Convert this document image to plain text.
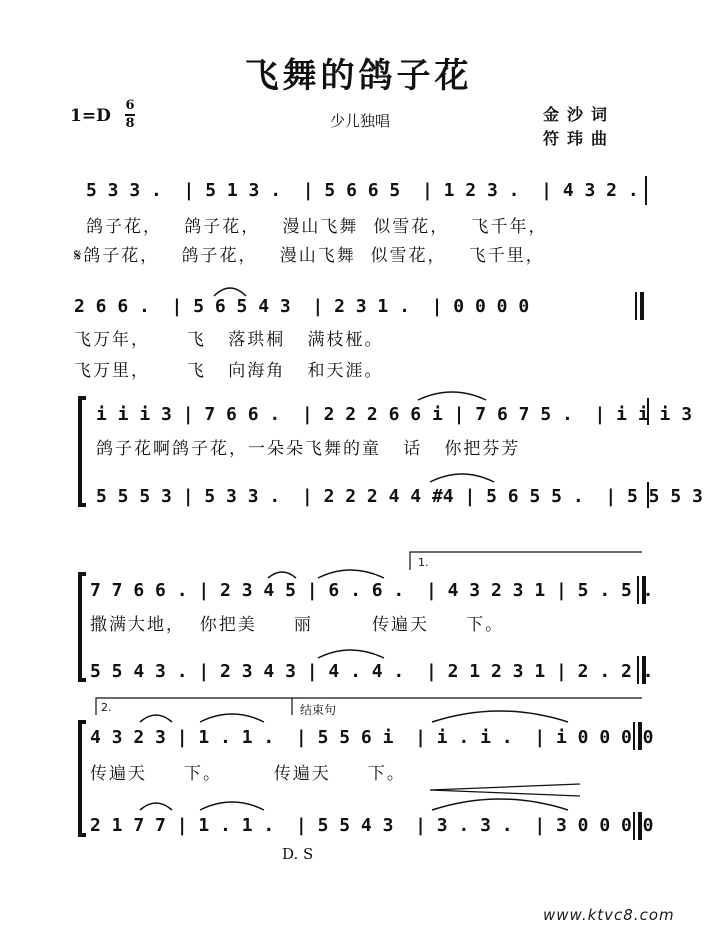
飞舞的鸽子花
1=D
6
8	少儿独唱	金沙词
符玮曲
5 3 3 .  | 5 1 3 .  | 5 6 6 5  | 1 2 3 .  | 4 3 2 .
鸽子花，   鸽子花，   漫山飞舞  似雪花，   飞千年，
𝄋鸽子花，   鸽子花，   漫山飞舞  似雪花，   飞千里，
2 6 6 .  | 5 6 5 4 3  | 2 3 1 .  | 0 0 0 0
飞万年，     飞   落珙桐   满枝桠。
飞万里，     飞   向海角   和天涯。
i i i 3 | 7 6 6 .  | 2 2 2 6 6 i | 7 6 7 5 .  | i i i 3
鸽子花啊鸽子花，一朵朵飞舞的童   话   你把芬芳
5 5 5 3 | 5 3 3 .  | 2 2 2 4 4 #4 | 5 6 5 5 .  | 5 5 5 3
7 7 6 6 . | 2 3 4 5 | 6 . 6 .  | 4 3 2 3 1 | 5 . 5 .
撒满大地，  你把美     丽        传遍天     下。
5 5 4 3 . | 2 3 4 3 | 4 . 4 .  | 2 1 2 3 1 | 2 . 2 .
4 3 2 3 | 1 . 1 .  | 5 5 6 i  | i . i .  | i 0 0 0 0
传遍天     下。       传遍天     下。
2 1 7 7 | 1 . 1 .  | 5 5 4 3  | 3 . 3 .  | 3 0 0 0 0
1.
2.	结束句
D. S
www.ktvc8.com
